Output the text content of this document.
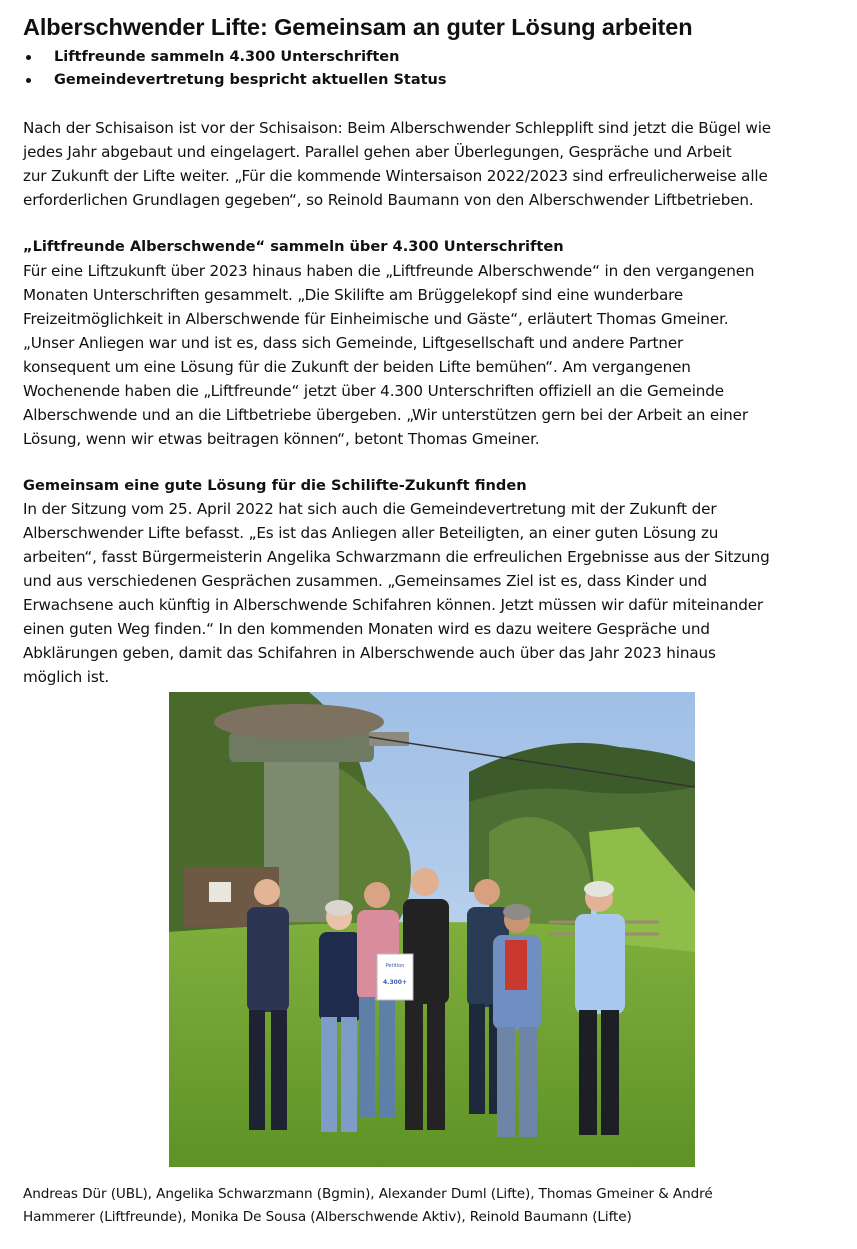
Alberschwender Lifte: Gemeinsam an guter Lösung arbeiten
Liftfreunde sammeln 4.300 Unterschriften
Gemeindevertretung bespricht aktuellen Status

Nach der Schisaison ist vor der Schisaison: Beim Alberschwender Schlepplift sind jetzt die Bügel wie
jedes Jahr abgebaut und eingelagert. Parallel gehen aber Überlegungen, Gespräche und Arbeit
zur Zukunft der Lifte weiter. „Für die kommende Wintersaison 2022/2023 sind erfreulicherweise alle
erforderlichen Grundlagen gegeben“, so Reinold Baumann von den Alberschwender Liftbetrieben.

„Liftfreunde Alberschwende“ sammeln über 4.300 Unterschriften

Für eine Liftzukunft über 2023 hinaus haben die „Liftfreunde Alberschwende“ in den vergangenen
Monaten Unterschriften gesammelt. „Die Skilifte am Brüggelekopf sind eine wunderbare
Freizeitmöglichkeit in Alberschwende für Einheimische und Gäste“, erläutert Thomas Gmeiner.
„Unser Anliegen war und ist es, dass sich Gemeinde, Liftgesellschaft und andere Partner
konsequent um eine Lösung für die Zukunft der beiden Lifte bemühen“. Am vergangenen
Wochenende haben die „Liftfreunde“ jetzt über 4.300 Unterschriften offiziell an die Gemeinde
Alberschwende und an die Liftbetriebe übergeben. „Wir unterstützen gern bei der Arbeit an einer
Lösung, wenn wir etwas beitragen können“, betont Thomas Gmeiner.

Gemeinsam eine gute Lösung für die Schilifte-Zukunft finden

In der Sitzung vom 25. April 2022 hat sich auch die Gemeindevertretung mit der Zukunft der
Alberschwender Lifte befasst. „Es ist das Anliegen aller Beteiligten, an einer guten Lösung zu
arbeiten“, fasst Bürgermeisterin Angelika Schwarzmann die erfreulichen Ergebnisse aus der Sitzung
und aus verschiedenen Gesprächen zusammen. „Gemeinsames Ziel ist es, dass Kinder und
Erwachsene auch künftig in Alberschwende Schifahren können. Jetzt müssen wir dafür miteinander
einen guten Weg finden.“ In den kommenden Monaten wird es dazu weitere Gespräche und
Abklärungen geben, damit das Schifahren in Alberschwende auch über das Jahr 2023 hinaus
möglich ist.

Petition
4.300+

Andreas Dür (UBL), Angelika Schwarzmann (Bgmin), Alexander Duml (Lifte), Thomas Gmeiner & André
Hammerer (Liftfreunde), Monika De Sousa (Alberschwende Aktiv), Reinold Baumann (Lifte)
